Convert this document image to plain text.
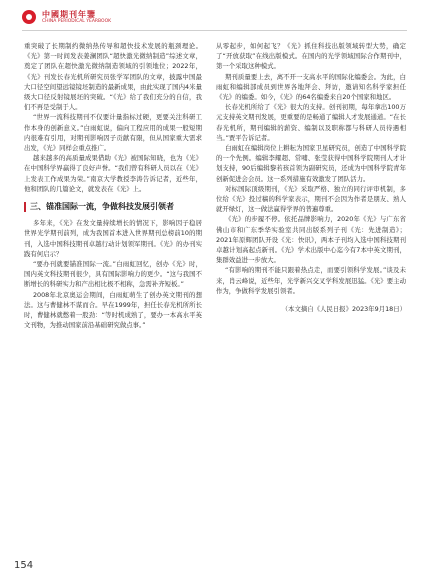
中國期刊年鑒
CHINA PERIODICAL YEARBOOK

重突破了长期制约微纳热传导和超快技术发展的瓶颈理论。《光》第一时间发表姜澜团队“超快激光微纳制造”综述文章，奠定了团队在超快激光微纳制造领域的引领地位；2022年，《光》刊发长春光机所研究员张学军团队的文章，披露中国最大口径空间望远镜镜坯制造的最新成果，由此实现了国内4米量级大口径反射镜展坯的突破。“《光》给了我们充分的自信，我们不再是受制于人。

“世界一流科技期刊不仅要计量指标过硬，更要关注科研工作本身的创新意义。”白雨虹说，偏向工程应用的成果一般短期内很难有引用，对期刊影响因子贡献有限，但从国家重大需求出发，《光》同样会重点推广。

越来越多的高质量成果借助《光》被国际知晓，也为《光》在中国科学界赢得了良好声誉。“我们曾有科研人员以在《光》上发表工作成果为荣。”南京大学教授李涛告诉记者，近些年，他和团队的几篇论文，就发表在《光》上。

三、锚准国际一流，争做科技发展引领者

多年来，《光》在发文量持续增长的情况下，影响因子稳居世界光学期刊前列，成为我国首本进入世界期刊总榜前10的期刊，入选中国科技期刊卓越行动计划领军期刊。《光》的办刊实践有何启示？

“要办刊就要锚准国际一流。”白雨虹回忆，创办《光》时，国内英文科技期刊很少，具有国际影响力的更少。“这与我国不断增长的科研实力和产出相比极不相称，急需补齐短板。”

2008年北京奥运会期间，白雨虹萌生了创办英文期刊的想法。这与曹健林不谋而合。早在1999年，担任长春光机所所长时，曹健林就憋着一股劲：“等时机成熟了，要办一本高水平英文刊物，为推动国家前沿基础研究做点事。”

从零起步，如何起飞？《光》抓住科技出版领域转型大势，确定了“开放获取”在线出版模式。在国内的光学领域国际合作期刊中，第一个采取这种模式。

期刊质量要上去，离不开一支高水平的国际化编委会。为此，白雨虹和编辑部成员到世界各地拜会、拜访，邀请知名科学家担任《光》的编委。如今，《光》的64名编委来自20个国家和地区。

长春光机所给了《光》很大的支持。创刊初期，每年拿出100万元支持英文期刊发展，更重要的是畅通了编辑人才发展通道。“在长春光机所，期刊编辑的薪资、编制以及职称都与科研人员待遇相当。”贾平告诉记者。

白雨虹在编辑岗位上耕耘为国家卫星研究员，创造了中国科学院的一个先例。编辑李耀超、常哺、张莹获得中国科学院期刊人才计划支持，90后编辑黎若孩首领为副研究员，还成为中国科学院青年创新促进会会员。这一系列措施有效激发了团队活力。

对标国际顶级期刊，《光》采取严格、独立的同行评审机制，多位给《光》投过稿的科学家表示，期刊不会因为作者是朋友、熟人就开绿灯，这一做法赢得学界的普遍尊重。

《光》的步履不停。依托品牌影响力，2020年《光》与广东省佛山市和广东季华实验室共同出版系列子刊《光：先进制造》；2021年原辉团队开设《光：快讯》，两本子刊均入选中国科技期刊卓越计划高起点新刊。《光》学术出版中心迄今有7本中英文期刊，集群效益进一步放大。

“有影响的期刊不能只跟着热点走，而要引领科学发展。”谈及未来，肖云峰说，近些年，光学新兴交叉学科发展迅猛。《光》要主动作为，争做科学发展引领者。

（本文摘自《人民日报》2023年9月18日）
154
